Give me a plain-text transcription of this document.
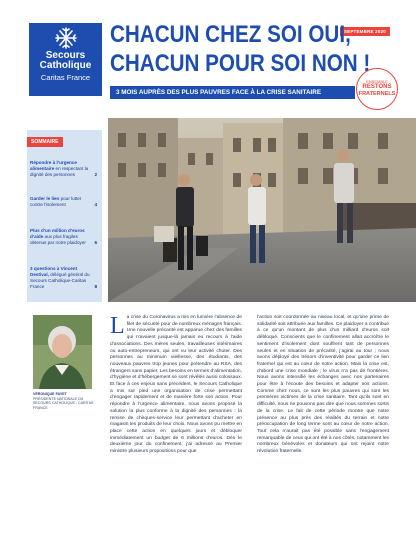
Secours
Catholique
Caritas France
SEPTEMBRE 2020
CHACUN CHEZ SOI OUI,
CHACUN POUR SOI NON !
3 MOIS AUPRÈS DES PLUS PAUVRES FACE À LA CRISE SANITAIRE
ENSEMBLE
RESTONS
FRATERNELS
SOMMAIRE
Répondre à l’urgence alimentaire en respectant la dignité des personnes	2
Garder le lien pour lutter contre l’isolement	4
Plus d’un million d’euros d’aide aux plus fragiles obtenus par notre plaidoyer	6
3 questions à Vincent Destival, délégué général du Secours Catholique-Caritas France	8
VÉRONIQUE FAYET
PRÉSIDENTE NATIONALE DU SECOURS CATHOLIQUE - CARITAS FRANCE

La crise du Coronavirus a mis en lumière l’absence de filet de sécurité pour de nombreux ménages français. Une nouvelle précarité est apparue chez des familles qui n’avaient jusque-là jamais eu recours à l’aide d’associations. Des mères seules, travailleuses intérimaires ou auto-entrepreneurs, qui ont vu leur activité chuter. Des personnes au minimum vieillesse, des étudiants, des nouveaux pauvres trop jeunes pour prétendre au RSA, des étrangers sans papier. Les besoins en termes d’alimentation, d’hygiène et d’hébergement se sont révélés aussi colossaux. Et face à ces enjeux sans précédent, le Secours Catholique a mis sur pied une organisation de crise permettant d’engager rapidement et de manière forte son action. Pour répondre à l’urgence alimentaire, nous avons proposé la solution la plus conforme à la dignité des personnes : la remise de chèques-service leur permettant d’acheter en magasin les produits de leur choix. Nous avons pu mettre en place cette action en quelques jours et débloquer immédiatement un budget de 6 millions d’euros. Dès le deuxième jour du confinement, j’ai adressé au Premier ministre plusieurs propositions pour que

l’action soit coordonnée au niveau local, et qu’une prime de solidarité soit attribuée aux familles. Ce plaidoyer a contribué à ce qu’un montant de plus d’un milliard d’euros soit débloqué. Conscients que le confinement allait accroître le sentiment d’isolement dont souffrent tant de personnes seules et en situation de précarité, j’agirai au tour ; nous avons déployé des trésors d’inventivité pour garder ce lien fraternel qui est au cœur de notre action. Mais la crise est, d’abord une crise mondiale ; le virus n’a pas de frontières. Nous avons intensifié les échanges avec nos partenaires pour être à l’écoute des besoins et adapter nos actions. Comme chez nous, ce sont les plus pauvres qui sont les premières victimes de la crise sanitaire. Tant qu’ils sont en difficulté, nous ne pouvons pas dire que nous sommes sortis de la crise. Le fait de cette période montre que notre présence au plus près des réalités du terrain et notre préoccupation de long terme sont au cœur de notre action. Tout cela n’aurait pas été possible sans l’engagement remarquable de ceux qui ont été à nos côtés, notamment les nombreux bénévoles et donateurs qui ont rejoint notre révolution fraternelle.
